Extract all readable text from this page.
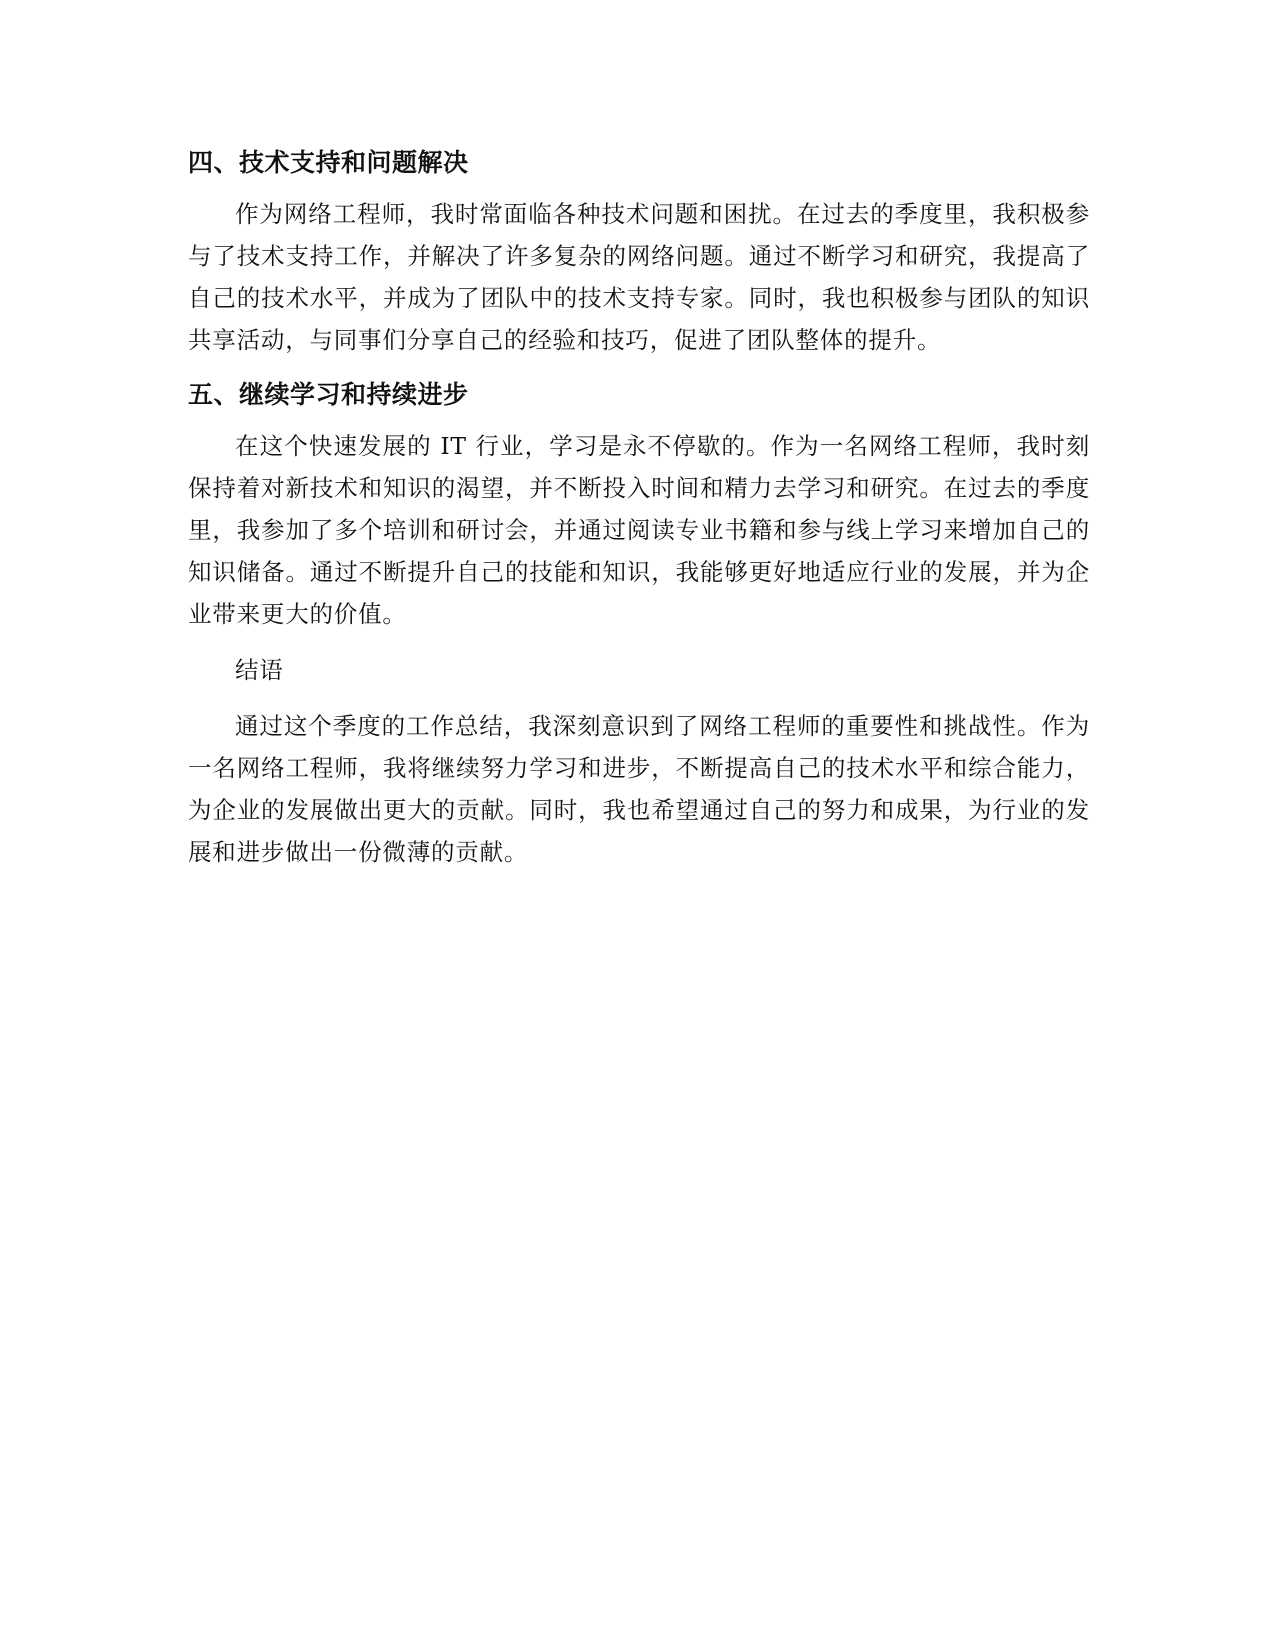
四、技术支持和问题解决

作为网络工程师，我时常面临各种技术问题和困扰。在过去的季度里，我积极参与了技术支持工作，并解决了许多复杂的网络问题。通过不断学习和研究，我提高了自己的技术水平，并成为了团队中的技术支持专家。同时，我也积极参与团队的知识共享活动，与同事们分享自己的经验和技巧，促进了团队整体的提升。

五、继续学习和持续进步

在这个快速发展的 IT 行业，学习是永不停歇的。作为一名网络工程师，我时刻保持着对新技术和知识的渴望，并不断投入时间和精力去学习和研究。在过去的季度里，我参加了多个培训和研讨会，并通过阅读专业书籍和参与线上学习来增加自己的知识储备。通过不断提升自己的技能和知识，我能够更好地适应行业的发展，并为企业带来更大的价值。

结语

通过这个季度的工作总结，我深刻意识到了网络工程师的重要性和挑战性。作为一名网络工程师，我将继续努力学习和进步，不断提高自己的技术水平和综合能力，为企业的发展做出更大的贡献。同时，我也希望通过自己的努力和成果，为行业的发展和进步做出一份微薄的贡献。
